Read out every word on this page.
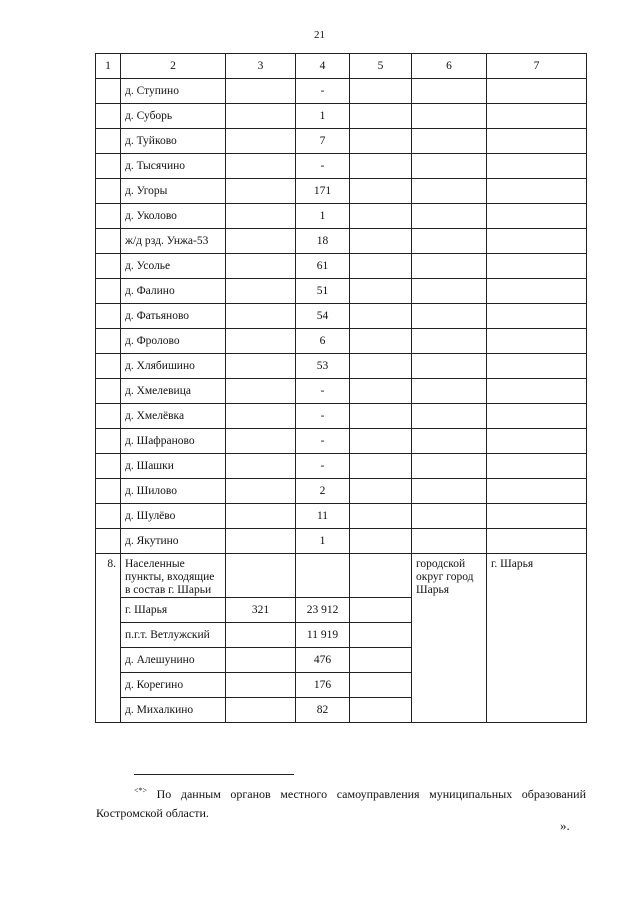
21
1	2	3	4	5	6	7
	д. Ступино		-			
	д. Суборь		1			
	д. Туйково		7			
	д. Тысячино		-			
	д. Угоры		171			
	д. Уколово		1			
	ж/д рзд. Унжа-53		18			
	д. Усолье		61			
	д. Фалино		51			
	д. Фатьяново		54			
	д. Фролово		6			
	д. Хлябишино		53			
	д. Хмелевица		-			
	д. Хмелёвка		-			
	д. Шафраново		-			
	д. Шашки		-			
	д. Шилово		2			
	д. Шулёво		11			
	д. Якутино		1			
8.	Населенные пункты, входящие в состав г. Шарьи				городской округ город Шарья	г. Шарья
	г. Шарья	321	23 912			
	п.г.т. Ветлужский		11 919			
	д. Алешунино		476			
	д. Корегино		176			
	д. Михалкино		82			
<*> По данным органов местного самоуправления муниципальных образований Костромской области.
».
